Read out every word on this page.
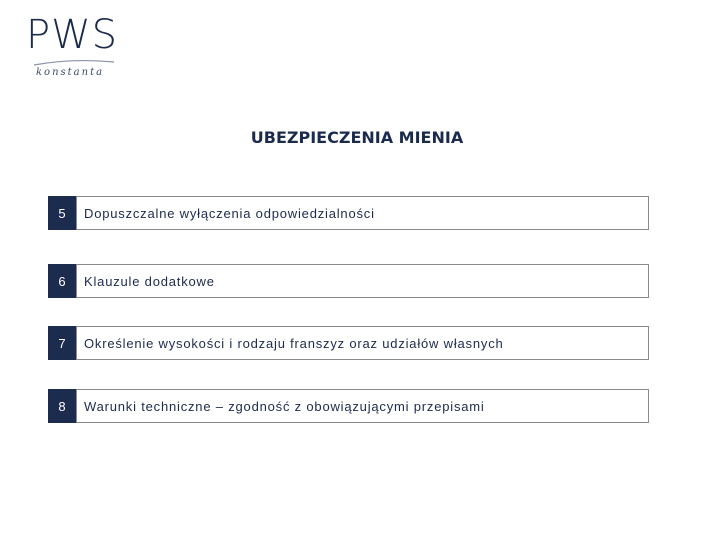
PWS
konstanta
UBEZPIECZENIA MIENIA
5	Dopuszczalne wyłączenia odpowiedzialności
6	Klauzule dodatkowe
7	Określenie wysokości i rodzaju franszyz oraz udziałów własnych
8	Warunki techniczne – zgodność z obowiązującymi przepisami
